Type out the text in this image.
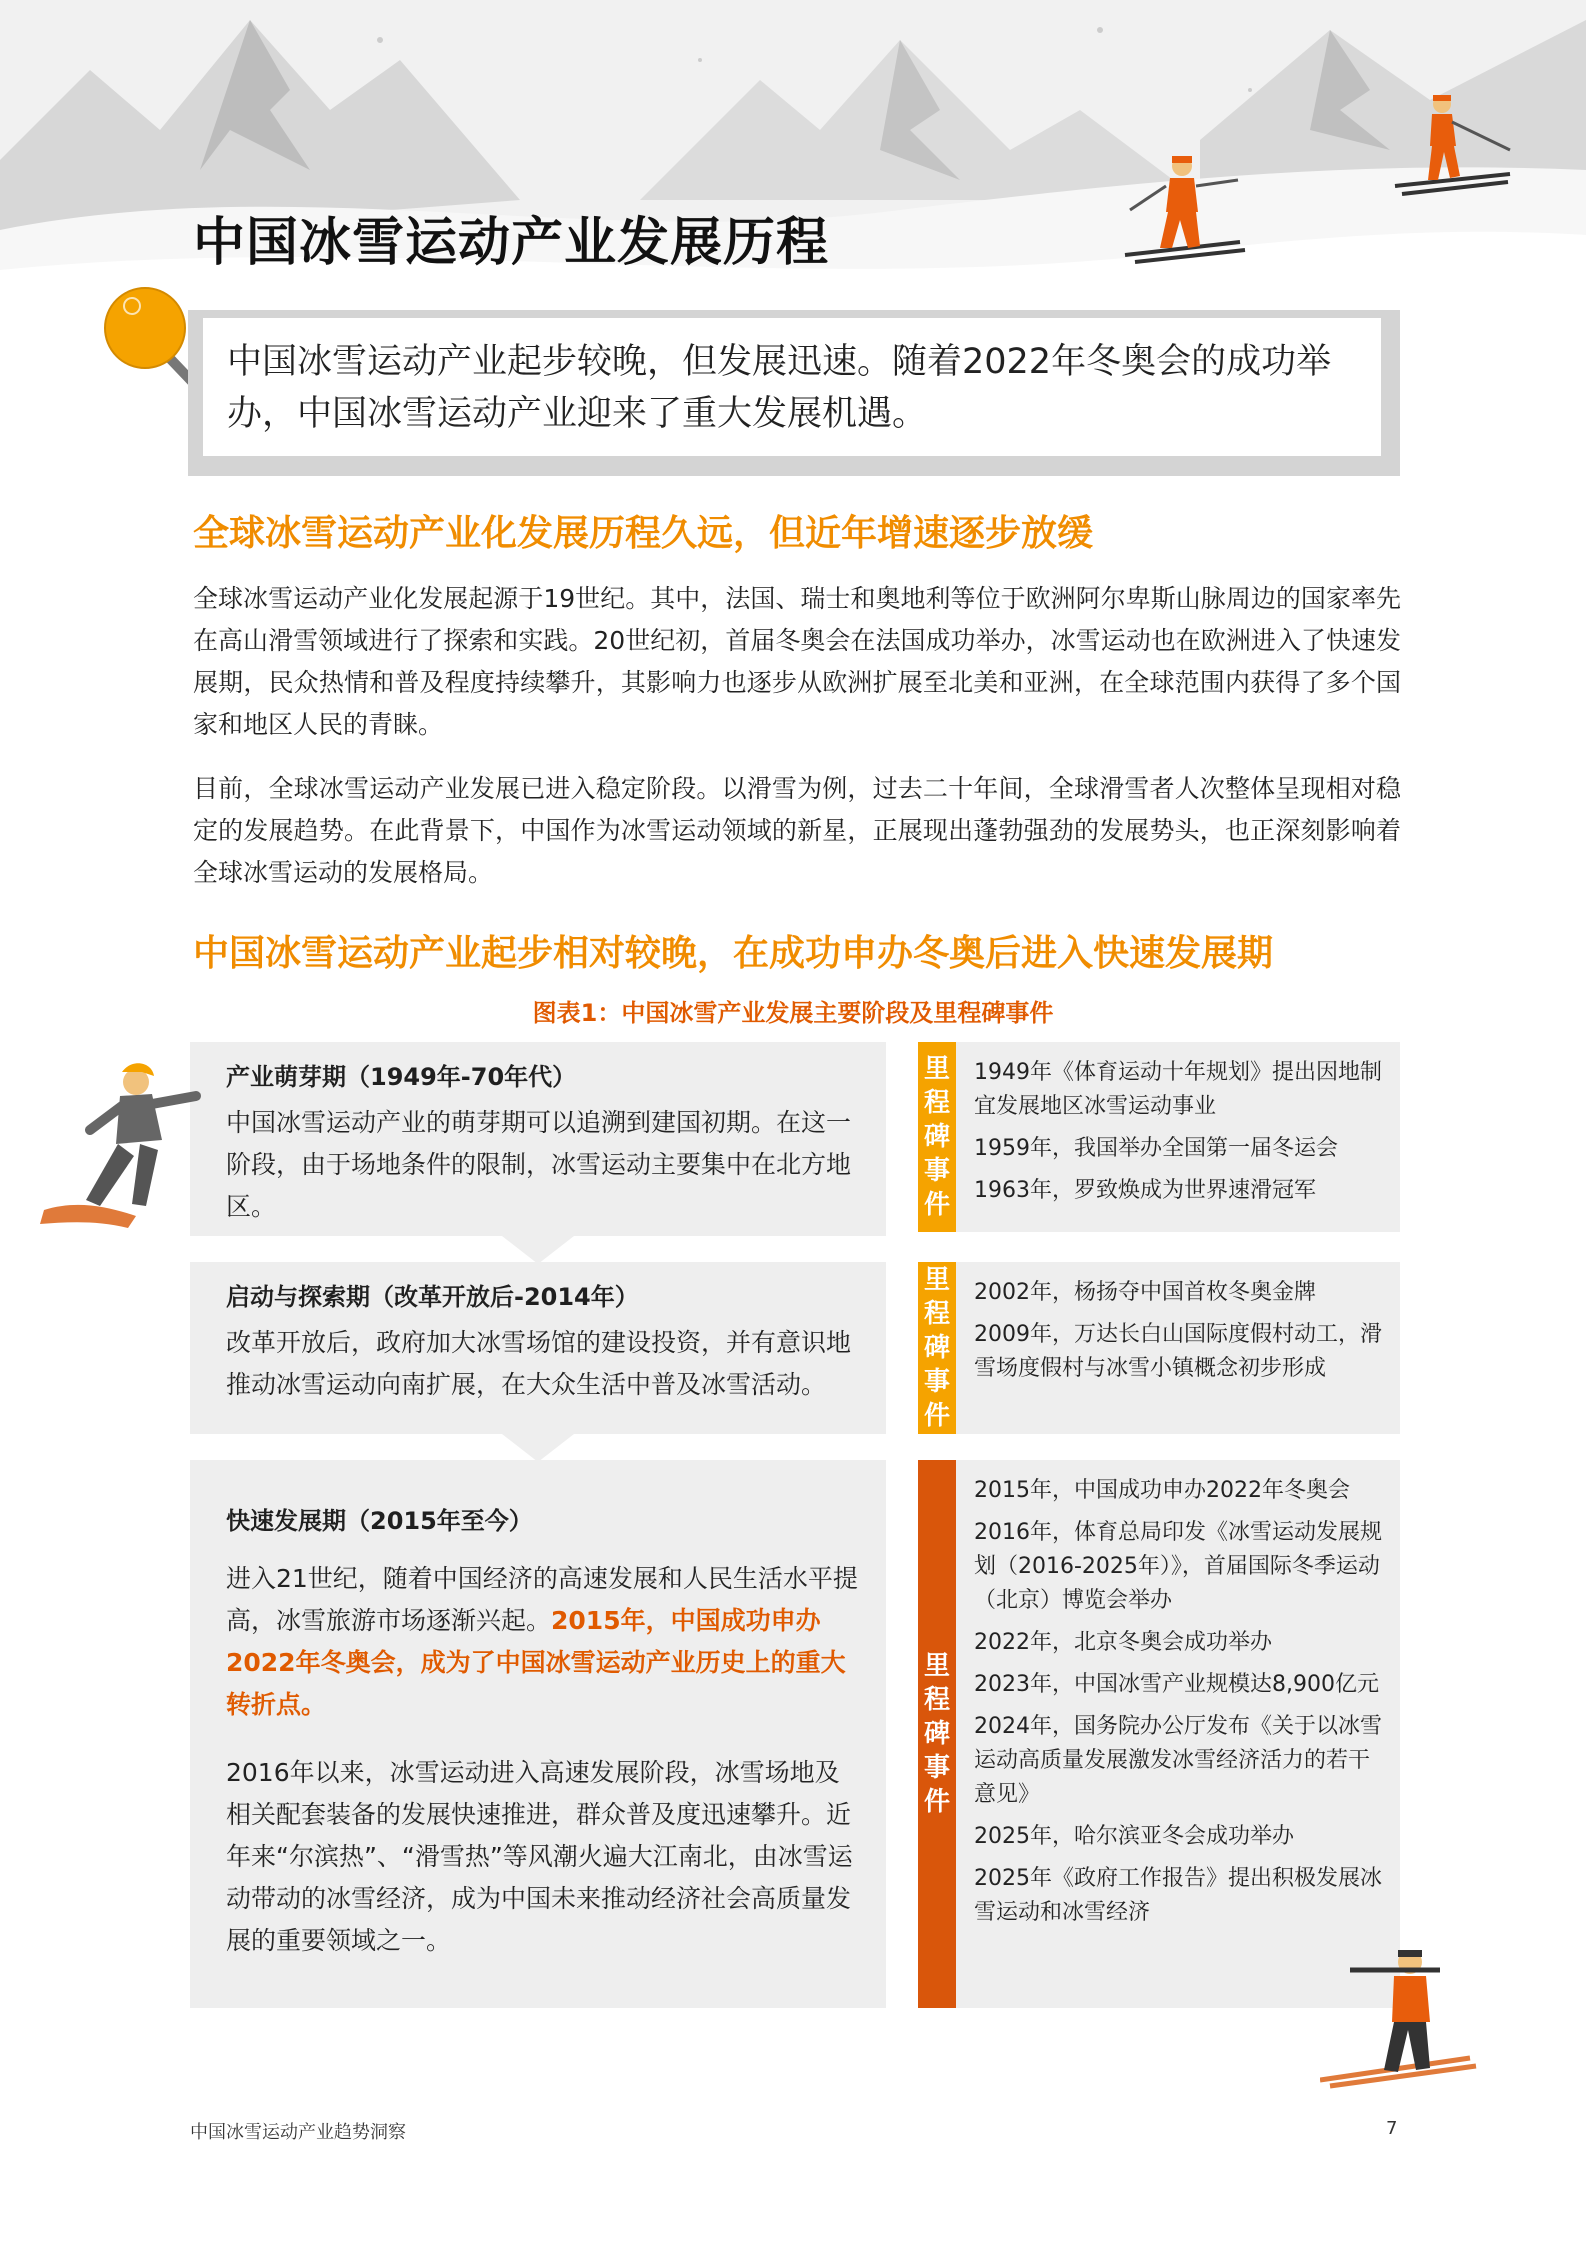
中国冰雪运动产业发展历程
中国冰雪运动产业起步较晚，但发展迅速。随着2022年冬奥会的成功举办，中国冰雪运动产业迎来了重大发展机遇。
全球冰雪运动产业化发展历程久远，但近年增速逐步放缓

全球冰雪运动产业化发展起源于19世纪。其中，法国、瑞士和奥地利等位于欧洲阿尔卑斯山脉周边的国家率先在高山滑雪领域进行了探索和实践。20世纪初，首届冬奥会在法国成功举办，冰雪运动也在欧洲进入了快速发展期，民众热情和普及程度持续攀升，其影响力也逐步从欧洲扩展至北美和亚洲，在全球范围内获得了多个国家和地区人民的青睐。

目前，全球冰雪运动产业发展已进入稳定阶段。以滑雪为例，过去二十年间，全球滑雪者人次整体呈现相对稳定的发展趋势。在此背景下，中国作为冰雪运动领域的新星，正展现出蓬勃强劲的发展势头，也正深刻影响着全球冰雪运动的发展格局。

中国冰雪运动产业起步相对较晚，在成功申办冬奥后进入快速发展期

图表1：中国冰雪产业发展主要阶段及里程碑事件

产业萌芽期（1949年-70年代）

中国冰雪运动产业的萌芽期可以追溯到建国初期。在这一阶段，由于场地条件的限制，冰雪运动主要集中在北方地区。

启动与探索期（改革开放后-2014年）

改革开放后，政府加大冰雪场馆的建设投资，并有意识地推动冰雪运动向南扩展，在大众生活中普及冰雪活动。

快速发展期（2015年至今）

进入21世纪，随着中国经济的高速发展和人民生活水平提高，冰雪旅游市场逐渐兴起。2015年，中国成功申办2022年冬奥会，成为了中国冰雪运动产业历史上的重大转折点。

2016年以来，冰雪运动进入高速发展阶段，冰雪场地及相关配套装备的发展快速推进，群众普及度迅速攀升。近年来“尔滨热”、“滑雪热”等风潮火遍大江南北，由冰雪运动带动的冰雪经济，成为中国未来推动经济社会高质量发展的重要领域之一。

里程碑事件

1949年《体育运动十年规划》提出因地制宜发展地区冰雪运动事业

1959年，我国举办全国第一届冬运会

1963年，罗致焕成为世界速滑冠军

里程碑事件

2002年，杨扬夺中国首枚冬奥金牌

2009年，万达长白山国际度假村动工，滑雪场度假村与冰雪小镇概念初步形成

里程碑事件

2015年，中国成功申办2022年冬奥会

2016年，体育总局印发《冰雪运动发展规划（2016-2025年）》，首届国际冬季运动（北京）博览会举办

2022年，北京冬奥会成功举办

2023年，中国冰雪产业规模达8,900亿元

2024年，国务院办公厅发布《关于以冰雪运动高质量发展激发冰雪经济活力的若干意见》

2025年，哈尔滨亚冬会成功举办

2025年《政府工作报告》提出积极发展冰雪运动和冰雪经济

中国冰雪运动产业趋势洞察	7
